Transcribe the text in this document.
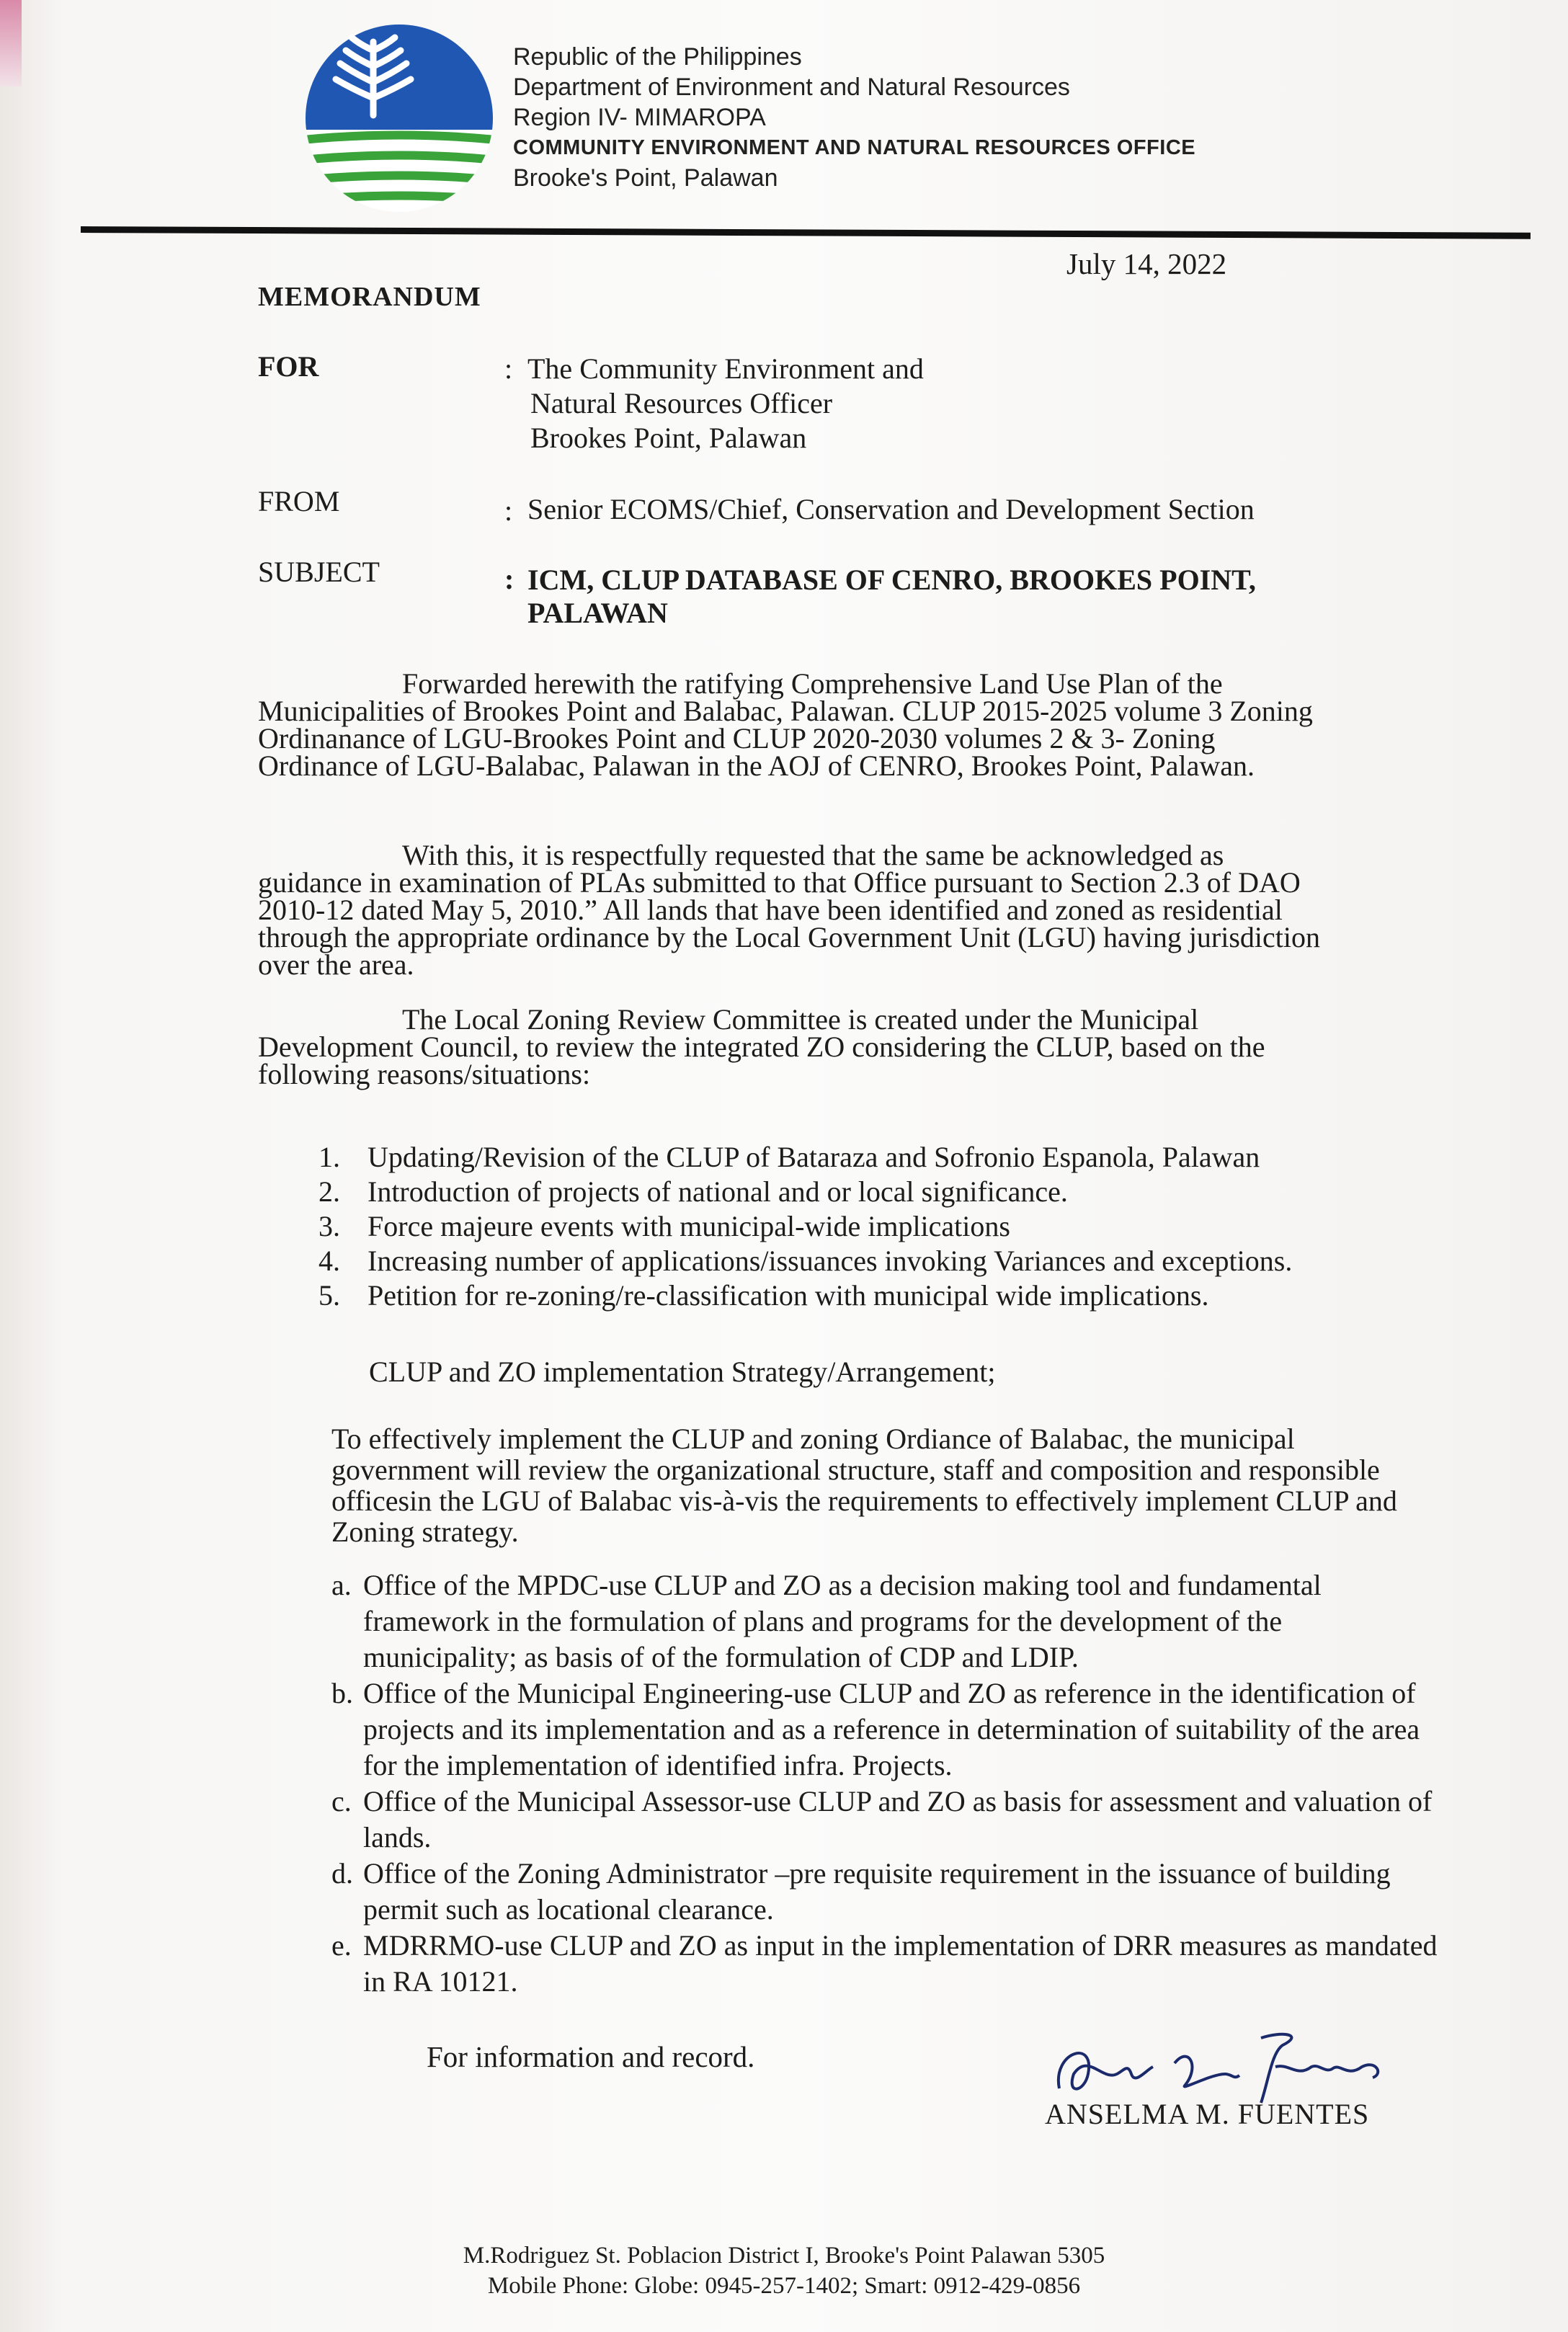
Republic of the Philippines
Department of Environment and Natural Resources
Region IV- MIMAROPA
COMMUNITY ENVIRONMENT AND NATURAL RESOURCES OFFICE
Brooke's Point, Palawan
July 14, 2022
MEMORANDUM
FOR	: The Community Environment and
Natural Resources Officer
Brookes Point, Palawan
FROM	: Senior ECOMS/Chief, Conservation and Development Section
SUBJECT	: ICM, CLUP DATABASE OF CENRO, BROOKES POINT,
PALAWAN
Forwarded herewith the ratifying Comprehensive Land Use Plan of the Municipalities of Brookes Point and Balabac, Palawan. CLUP 2015-2025 volume 3 Zoning Ordinanance of LGU-Brookes Point and CLUP 2020-2030 volumes 2 & 3- Zoning Ordinance of LGU-Balabac, Palawan in the AOJ of CENRO, Brookes Point, Palawan.
With this, it is respectfully requested that the same be acknowledged as guidance in examination of PLAs submitted to that Office pursuant to Section 2.3 of DAO 2010-12 dated May 5, 2010.” All lands that have been identified and zoned as residential through the appropriate ordinance by the Local Government Unit (LGU) having jurisdiction over the area.
The Local Zoning Review Committee is created under the Municipal Development Council, to review the integrated ZO considering the CLUP, based on the following reasons/situations:
1. Updating/Revision of the CLUP of Bataraza and Sofronio Espanola, Palawan
2. Introduction of projects of national and or local significance.
3. Force majeure events with municipal-wide implications
4. Increasing number of applications/issuances invoking Variances and exceptions.
5. Petition for re-zoning/re-classification with municipal wide implications.
CLUP and ZO implementation Strategy/Arrangement;
To effectively implement the CLUP and zoning Ordiance of Balabac, the municipal government will review the organizational structure, staff and composition and responsible officesin the LGU of Balabac vis-à-vis the requirements to effectively implement CLUP and Zoning strategy.
a. Office of the MPDC-use CLUP and ZO as a decision making tool and fundamental framework in the formulation of plans and programs for the development of the municipality; as basis of of the formulation of CDP and LDIP.
b. Office of the Municipal Engineering-use CLUP and ZO as reference in the identification of projects and its implementation and as a reference in determination of suitability of the area for the implementation of identified infra. Projects.
c. Office of the Municipal Assessor-use CLUP and ZO as basis for assessment and valuation of lands.
d. Office of the Zoning Administrator –pre requisite requirement in the issuance of building permit such as locational clearance.
e. MDRRMO-use CLUP and ZO as input in the implementation of DRR measures as mandated in RA 10121.
For information and record.
ANSELMA M. FUENTES
M.Rodriguez St. Poblacion District I, Brooke's Point Palawan 5305
Mobile Phone: Globe: 0945-257-1402; Smart: 0912-429-0856
